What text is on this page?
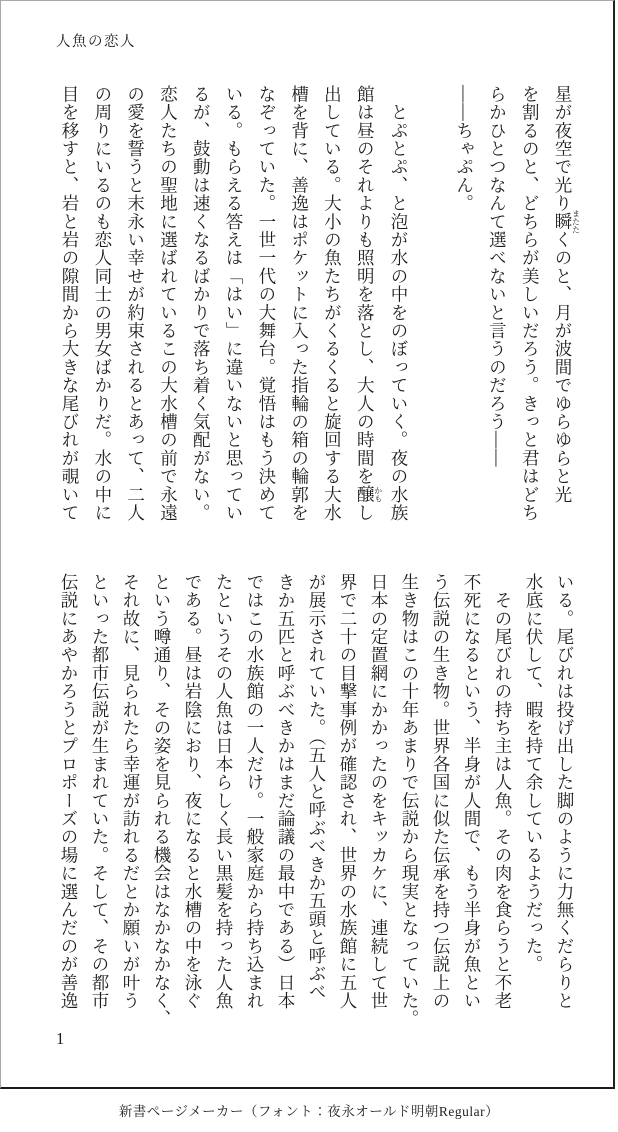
人魚の恋人
星が夜空で光り瞬またたくのと、月が波間でゆらゆらと光
を割るのと、どちらが美しいだろう。きっと君はどち
らかひとつなんて選べないと言うのだろう――
――ちゃぷん。
　とぷとぷ、と泡が水の中をのぼっていく。夜の水族
館は昼のそれよりも照明を落とし、大人の時間を醸かもし
出している。大小の魚たちがくるくると旋回する大水
槽を背に、善逸はポケットに入った指輪の箱の輪郭を
なぞっていた。一世一代の大舞台。覚悟はもう決めて
いる。もらえる答えは「はい」に違いないと思ってい
るが、鼓動は速くなるばかりで落ち着く気配がない。
恋人たちの聖地に選ばれているこの大水槽の前で永遠
の愛を誓うと末永い幸せが約束されるとあって、二人
の周りにいるのも恋人同士の男女ばかりだ。水の中に
目を移すと、岩と岩の隙間から大きな尾びれが覗いて
いる。尾びれは投げ出した脚のように力無くだらりと
水底に伏して、暇を持て余しているようだった。
　その尾びれの持ち主は人魚。その肉を食らうと不老
不死になるという、半身が人間で、もう半身が魚とい
う伝説の生き物。世界各国に似た伝承を持つ伝説上の
生き物はこの十年あまりで伝説から現実となっていた。
日本の定置網にかかったのをキッカケに、連続して世
界で二十の目撃事例が確認され、世界の水族館に五人
が展示されていた。（五人と呼ぶべきか五頭と呼ぶべ
きか五匹と呼ぶべきかはまだ論議の最中である）日本
ではこの水族館の一人だけ。一般家庭から持ち込まれ
たというその人魚は日本らしく長い黒髪を持った人魚
である。昼は岩陰におり、夜になると水槽の中を泳ぐ
という噂通り、その姿を見られる機会はなかなかなく、
それ故に、見られたら幸運が訪れるだとか願いが叶う
といった都市伝説が生まれていた。そして、その都市
伝説にあやかろうとプロポーズの場に選んだのが善逸
1
新書ページメーカー（フォント：夜永オールド明朝Regular）
